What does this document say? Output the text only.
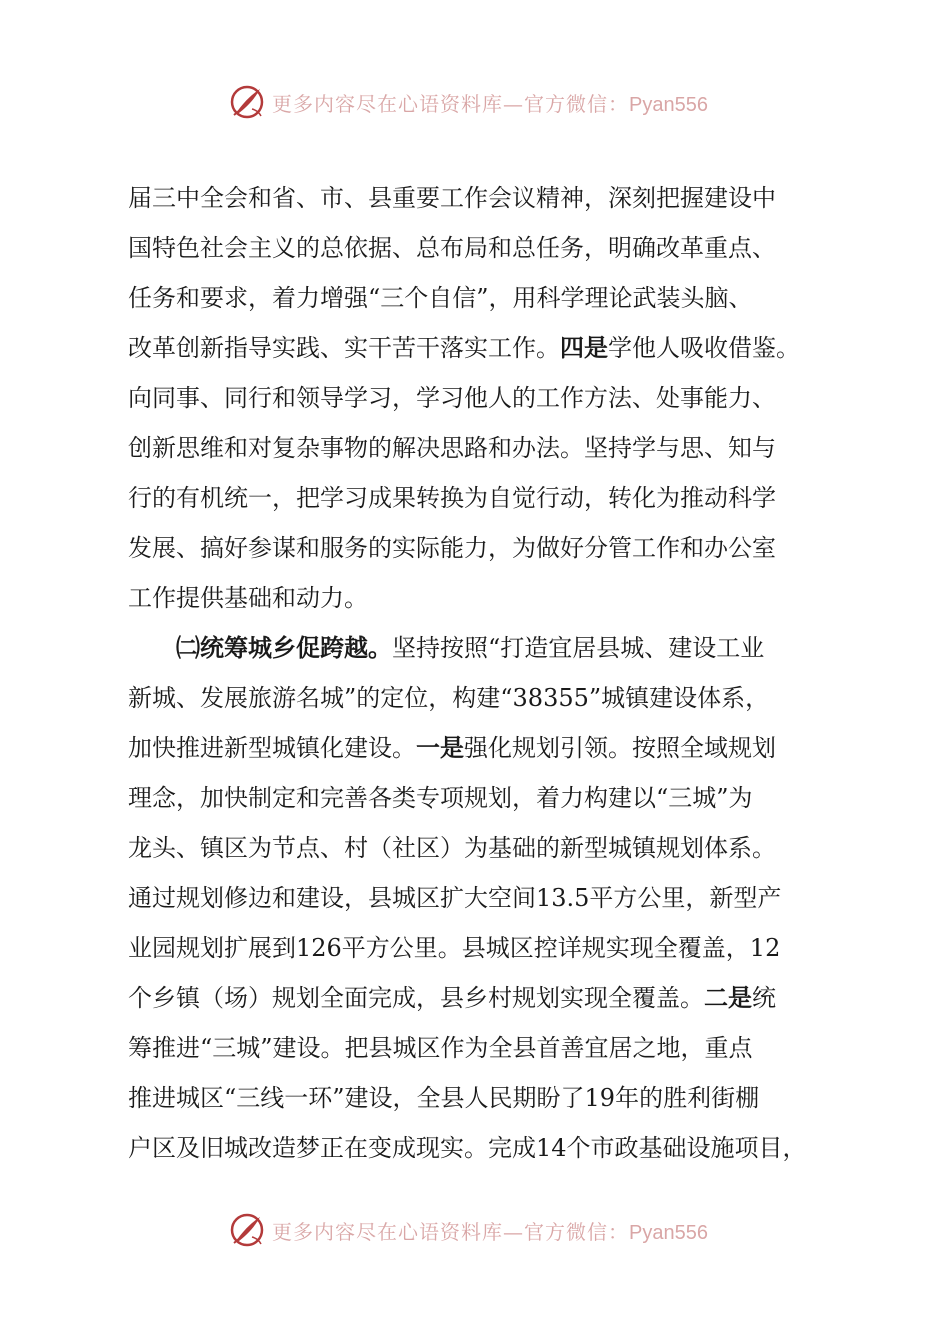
更多内容尽在心语资料库—官方微信：Pyan556
届三中全会和省、市、县重要工作会议精神，深刻把握建设中
国特色社会主义的总依据、总布局和总任务，明确改革重点、
任务和要求，着力增强“三个自信”，用科学理论武装头脑、
改革创新指导实践、实干苦干落实工作。四是学他人吸收借鉴。
向同事、同行和领导学习，学习他人的工作方法、处事能力、
创新思维和对复杂事物的解决思路和办法。坚持学与思、知与
行的有机统一，把学习成果转换为自觉行动，转化为推动科学
发展、搞好参谋和服务的实际能力，为做好分管工作和办公室
工作提供基础和动力。
㈡统筹城乡促跨越。坚持按照“打造宜居县城、建设工业
新城、发展旅游名城”的定位，构建“38355”城镇建设体系，
加快推进新型城镇化建设。一是强化规划引领。按照全域规划
理念，加快制定和完善各类专项规划，着力构建以“三城”为
龙头、镇区为节点、村（社区）为基础的新型城镇规划体系。
通过规划修边和建设，县城区扩大空间13.5平方公里，新型产
业园规划扩展到126平方公里。县城区控详规实现全覆盖，12
个乡镇（场）规划全面完成，县乡村规划实现全覆盖。二是统
筹推进“三城”建设。把县城区作为全县首善宜居之地，重点
推进城区“三线一环”建设，全县人民期盼了19年的胜利街棚
户区及旧城改造梦正在变成现实。完成14个市政基础设施项目，
更多内容尽在心语资料库—官方微信：Pyan556
